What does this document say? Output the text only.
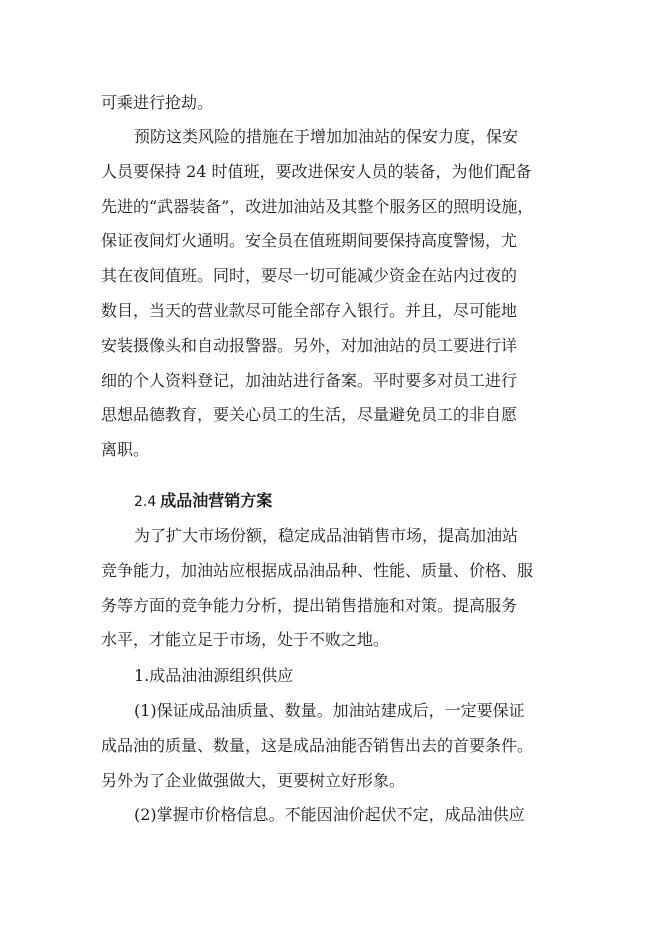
可乘进行抢劫。
预防这类风险的措施在于增加加油站的保安力度，保安
人员要保持 24 时值班，要改进保安人员的装备，为他们配备
先进的“武器装备”，改进加油站及其整个服务区的照明设施，
保证夜间灯火通明。安全员在值班期间要保持高度警惕，尤
其在夜间值班。同时，要尽一切可能减少资金在站内过夜的
数目，当天的营业款尽可能全部存入银行。并且，尽可能地
安装摄像头和自动报警器。另外，对加油站的员工要进行详
细的个人资料登记，加油站进行备案。平时要多对员工进行
思想品德教育，要关心员工的生活，尽量避免员工的非自愿
离职。
2.4 成品油营销方案
为了扩大市场份额，稳定成品油销售市场，提高加油站
竞争能力，加油站应根据成品油品种、性能、质量、价格、服
务等方面的竞争能力分析，提出销售措施和对策。提高服务
水平，才能立足于市场，处于不败之地。
1.成品油油源组织供应
(1)保证成品油质量、数量。加油站建成后，一定要保证
成品油的质量、数量，这是成品油能否销售出去的首要条件。
另外为了企业做强做大，更要树立好形象。
(2)掌握市价格信息。不能因油价起伏不定，成品油供应
